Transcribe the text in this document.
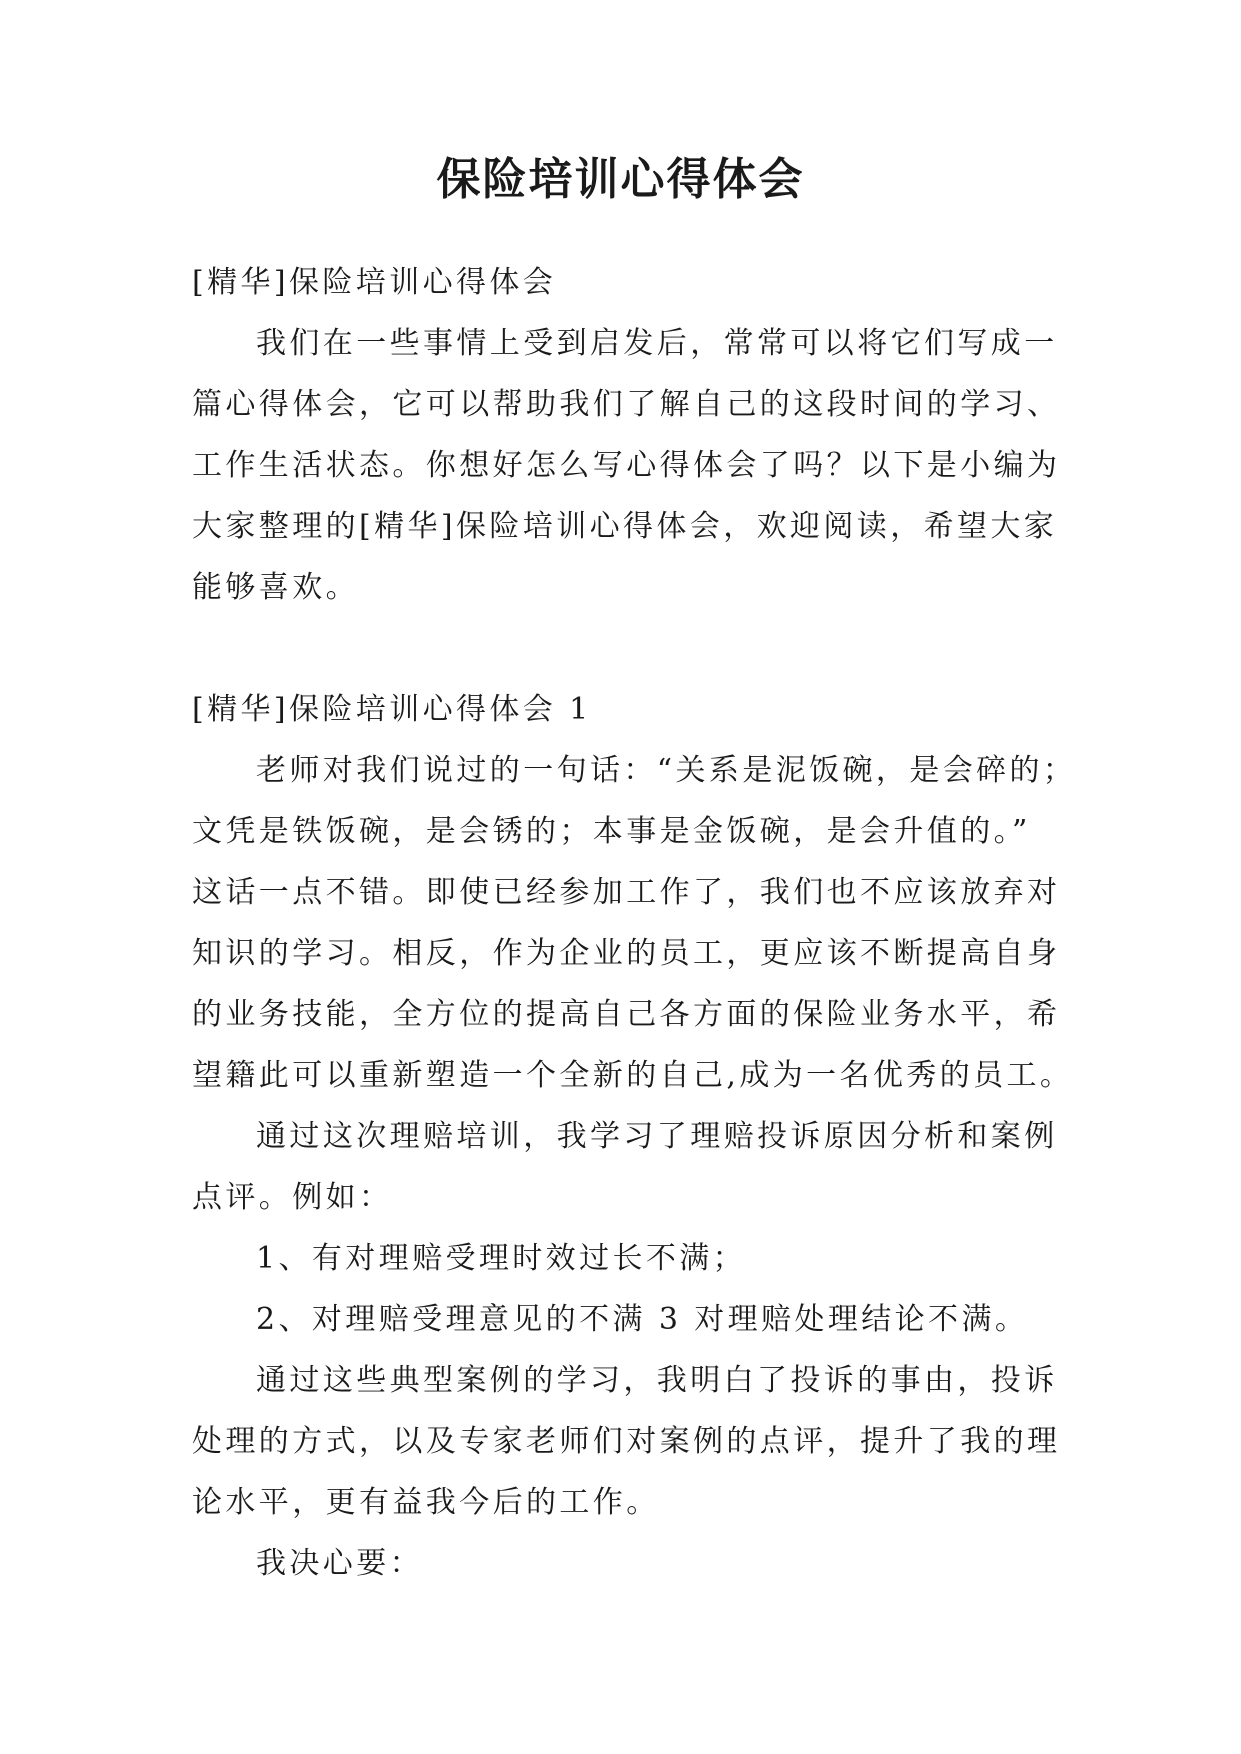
保险培训心得体会
[精华]保险培训心得体会
我们在一些事情上受到启发后，常常可以将它们写成一
篇心得体会，它可以帮助我们了解自己的这段时间的学习、
工作生活状态。你想好怎么写心得体会了吗？以下是小编为
大家整理的[精华]保险培训心得体会，欢迎阅读，希望大家
能够喜欢。
[精华]保险培训心得体会 1
老师对我们说过的一句话：“关系是泥饭碗，是会碎的；
文凭是铁饭碗，是会锈的；本事是金饭碗，是会升值的。”
这话一点不错。即使已经参加工作了，我们也不应该放弃对
知识的学习。相反，作为企业的员工，更应该不断提高自身
的业务技能，全方位的提高自己各方面的保险业务水平，希
望籍此可以重新塑造一个全新的自己,成为一名优秀的员工。
通过这次理赔培训，我学习了理赔投诉原因分析和案例
点评。例如：
1、有对理赔受理时效过长不满；
2、对理赔受理意见的不满 3 对理赔处理结论不满。
通过这些典型案例的学习，我明白了投诉的事由，投诉
处理的方式，以及专家老师们对案例的点评，提升了我的理
论水平，更有益我今后的工作。
我决心要：
